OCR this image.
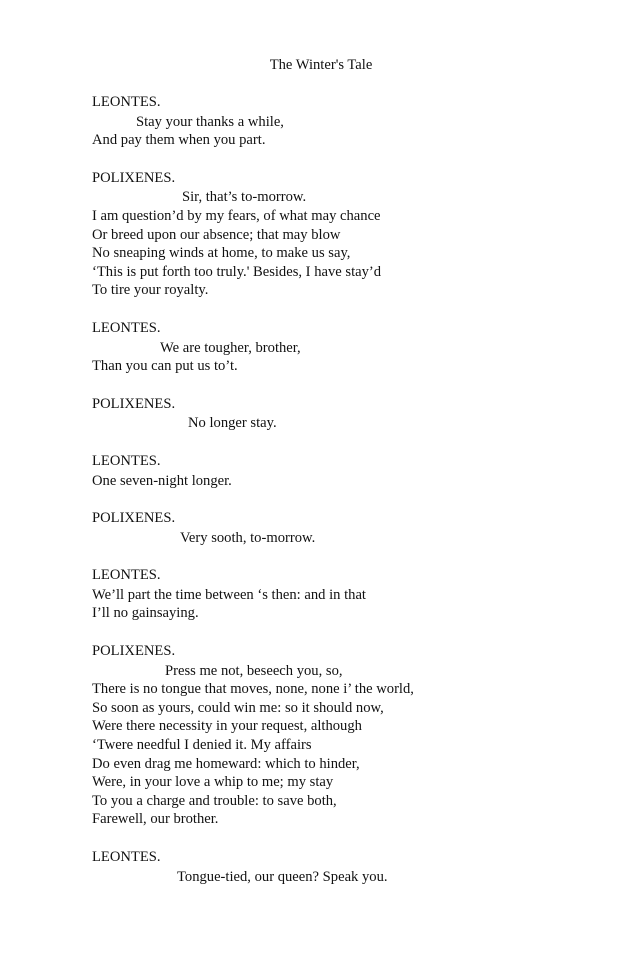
The Winter's Tale
LEONTES.
Stay your thanks a while,
And pay them when you part.
POLIXENES.
Sir, that’s to-morrow.
I am question’d by my fears, of what may chance
Or breed upon our absence; that may blow
No sneaping winds at home, to make us say,
‘This is put forth too truly.' Besides, I have stay’d
To tire your royalty.
LEONTES.
We are tougher, brother,
Than you can put us to’t.
POLIXENES.
No longer stay.
LEONTES.
One seven-night longer.
POLIXENES.
Very sooth, to-morrow.
LEONTES.
We’ll part the time between ‘s then: and in that
I’ll no gainsaying.
POLIXENES.
Press me not, beseech you, so,
There is no tongue that moves, none, none i’ the world,
So soon as yours, could win me: so it should now,
Were there necessity in your request, although
‘Twere needful I denied it. My affairs
Do even drag me homeward: which to hinder,
Were, in your love a whip to me; my stay
To you a charge and trouble: to save both,
Farewell, our brother.
LEONTES.
Tongue-tied, our queen? Speak you.
